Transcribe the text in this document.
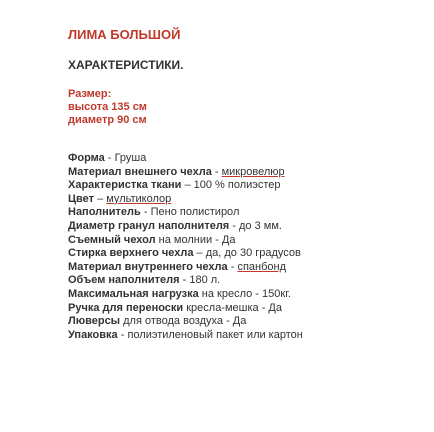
ЛИМА БОЛЬШОЙ
ХАРАКТЕРИСТИКИ.
Размер:
высота 135 см
диаметр 90 см
Форма - Груша
Материал внешнего чехла - микровелюр
Характеристка ткани – 100 % полиэстер
Цвет – мультиколор
Наполнитель - Пено полистирол
Диаметр гранул наполнителя - до 3 мм.
Съемный чехол на молнии - Да
Стирка верхнего чехла – да, до 30 градусов
Материал внутреннего чехла - спанбонд
Объем наполнителя - 180 л.
Максимальная нагрузка на кресло - 150кг.
Ручка для переноски кресла-мешка - Да
Люверсы для отвода воздуха - Да
Упаковка - полиэтиленовый пакет или картон
